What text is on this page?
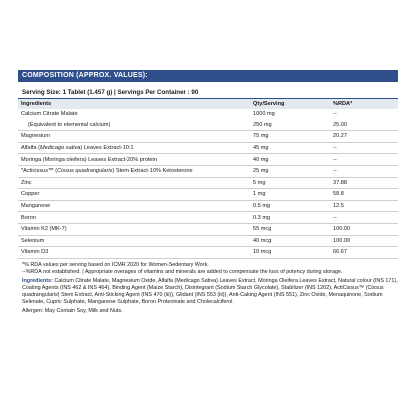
COMPOSITION (APPROX. VALUES):
Serving Size: 1 Tablet (1.457 g) | Servings Per Container : 90
Ingredients	Qty/Serving	%RDA*
Calcium Citrate Malate	1000 mg	--
(Equivalent to elemental calcium)	250 mg	25.00
Magnesium	75 mg	20.27
Alfalfa (Medicago sativa) Leaves Extract-10:1	45 mg	--
Moringa (Moringa oleifera) Leaves Extract-20% protein	40 mg	--
*Acticissus™ (Cissus quadrangularis) Stem Extract-10% Ketosterone	25 mg	--
Zinc	5 mg	37.88
Copper	1 mg	58.8
Manganese	0.5 mg	12.5
Boron	0.3 mg	--
Vitamin K2 (MK-7)	55 mcg	100.00
Selenium	40 mcg	100.00
Vitamin D3	10 mcg	66.67
*% RDA values per serving based on ICMR 2020 for Women-Sedentary Work.
--%RDA not established. | Appropriate overages of vitamins and minerals are added to compensate the loss of potency during storage.
Ingredients: Calcium Citrate Malate, Magnesium Oxide, Alfalfa (Medicago Sativa) Leaves Extract, Moringa Oleifera Leaves Extract, Natural colour (INS 171), Coating Agents (INS 462 & INS 464), Binding Agent (Maize Starch), Disintegrant (Sodium Starch Glycolate), Stabilizer (INS 1202), ActiCissus™ (Cissus quadrangularis) Stem Extract, Anti-Sticking Agent (INS 470 (iii)), Glidant (INS 553 (iii)), Anti-Caking Agent (INS 551), Zinc Oxide, Menaquinone, Sodium Selenate, Cupric Sulphate, Manganese Sulphate, Boron Proteoinate and Cholecalciferol.
Allergen: May Contain Soy, Milk and Nuts.
